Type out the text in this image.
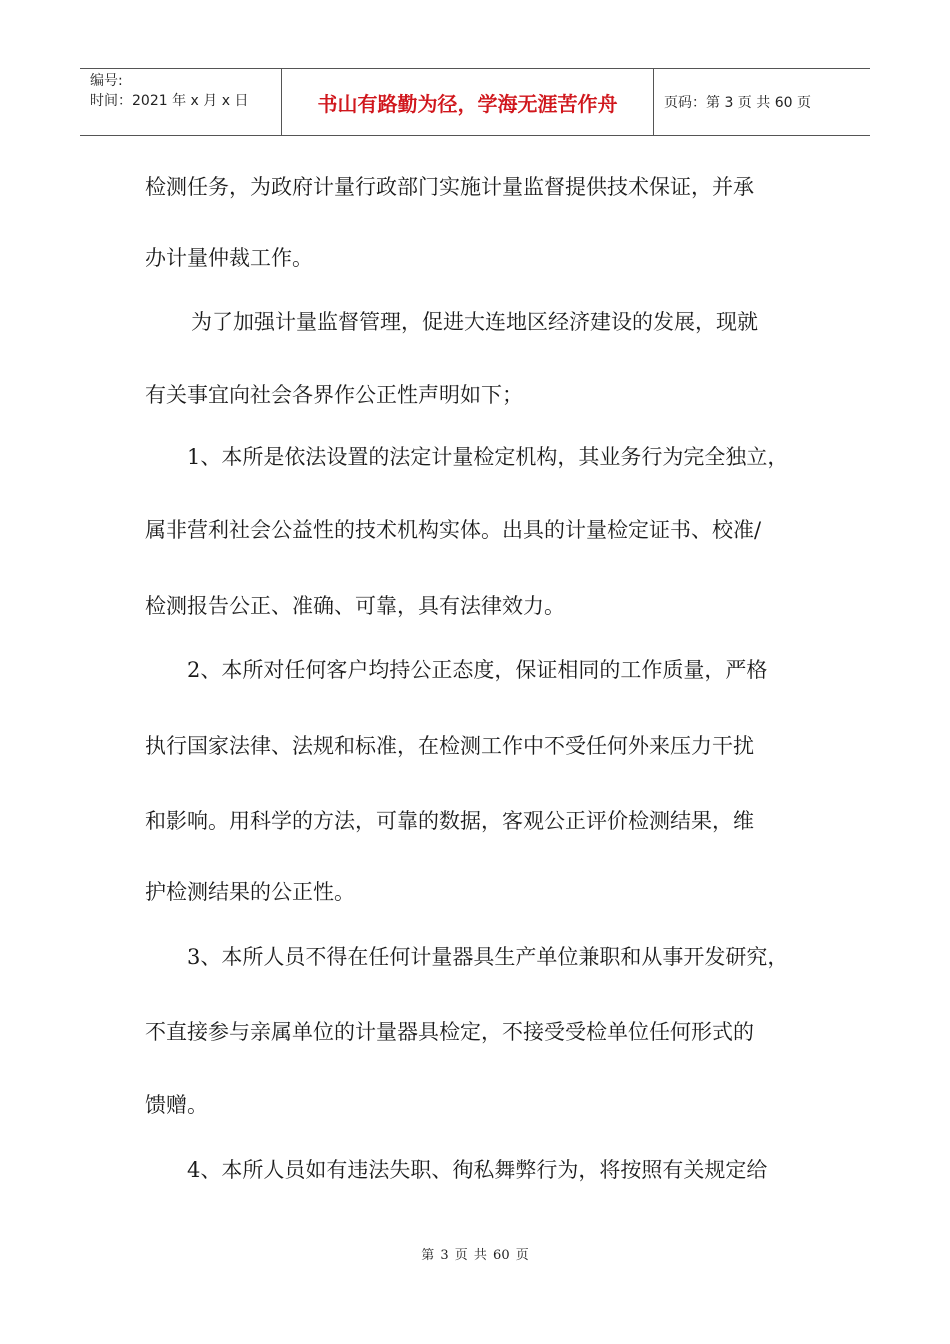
编号:
时间：2021 年 x 月 x 日	书山有路勤为径，学海无涯苦作舟	页码：第 3 页 共 60 页
检测任务，为政府计量行政部门实施计量监督提供技术保证，并承
办计量仲裁工作。
为了加强计量监督管理，促进大连地区经济建设的发展，现就
有关事宜向社会各界作公正性声明如下；
1、本所是依法设置的法定计量检定机构，其业务行为完全独立，
属非营利社会公益性的技术机构实体。出具的计量检定证书、校准/
检测报告公正、准确、可靠，具有法律效力。
2、本所对任何客户均持公正态度，保证相同的工作质量，严格
执行国家法律、法规和标准，在检测工作中不受任何外来压力干扰
和影响。用科学的方法，可靠的数据，客观公正评价检测结果，维
护检测结果的公正性。
3、本所人员不得在任何计量器具生产单位兼职和从事开发研究，
不直接参与亲属单位的计量器具检定，不接受受检单位任何形式的
馈赠。
4、本所人员如有违法失职、徇私舞弊行为，将按照有关规定给
第 3 页 共 60 页
